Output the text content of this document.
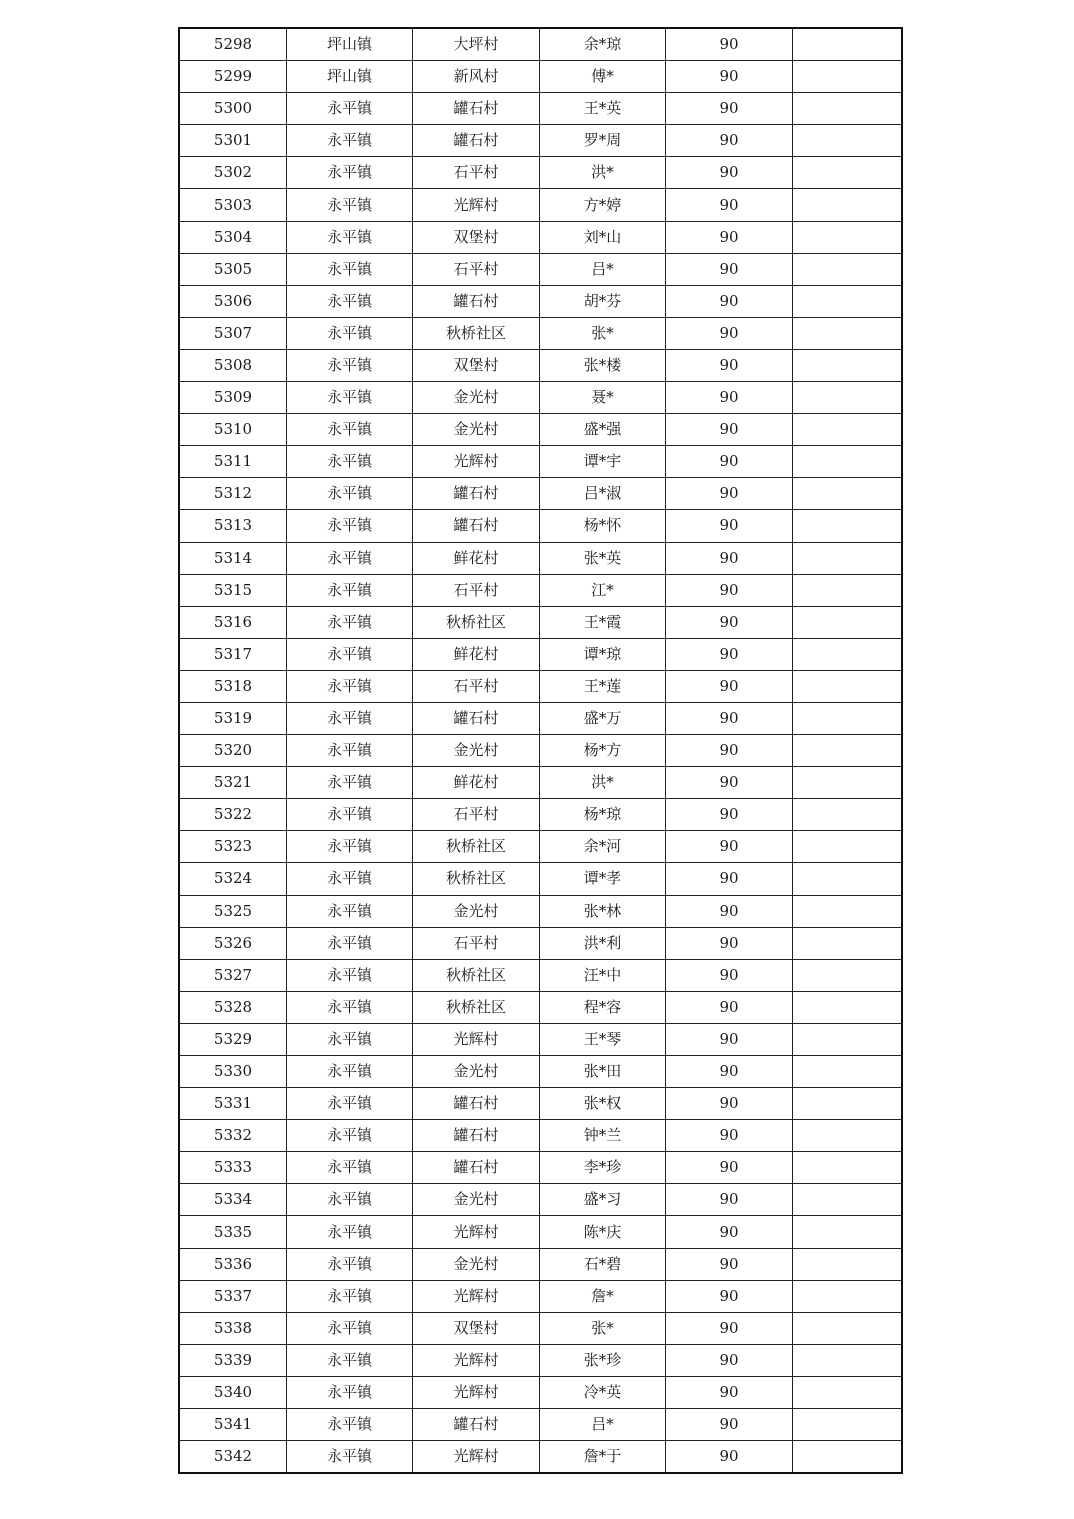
5298	坪山镇	大坪村	余*琼	90	
5299	坪山镇	新风村	傅*	90	
5300	永平镇	罐石村	王*英	90	
5301	永平镇	罐石村	罗*周	90	
5302	永平镇	石平村	洪*	90	
5303	永平镇	光辉村	方*婷	90	
5304	永平镇	双堡村	刘*山	90	
5305	永平镇	石平村	吕*	90	
5306	永平镇	罐石村	胡*芬	90	
5307	永平镇	秋桥社区	张*	90	
5308	永平镇	双堡村	张*楼	90	
5309	永平镇	金光村	聂*	90	
5310	永平镇	金光村	盛*强	90	
5311	永平镇	光辉村	谭*宇	90	
5312	永平镇	罐石村	吕*淑	90	
5313	永平镇	罐石村	杨*怀	90	
5314	永平镇	鲜花村	张*英	90	
5315	永平镇	石平村	江*	90	
5316	永平镇	秋桥社区	王*霞	90	
5317	永平镇	鲜花村	谭*琼	90	
5318	永平镇	石平村	王*莲	90	
5319	永平镇	罐石村	盛*万	90	
5320	永平镇	金光村	杨*方	90	
5321	永平镇	鲜花村	洪*	90	
5322	永平镇	石平村	杨*琼	90	
5323	永平镇	秋桥社区	余*河	90	
5324	永平镇	秋桥社区	谭*孝	90	
5325	永平镇	金光村	张*林	90	
5326	永平镇	石平村	洪*利	90	
5327	永平镇	秋桥社区	汪*中	90	
5328	永平镇	秋桥社区	程*容	90	
5329	永平镇	光辉村	王*琴	90	
5330	永平镇	金光村	张*田	90	
5331	永平镇	罐石村	张*权	90	
5332	永平镇	罐石村	钟*兰	90	
5333	永平镇	罐石村	李*珍	90	
5334	永平镇	金光村	盛*习	90	
5335	永平镇	光辉村	陈*庆	90	
5336	永平镇	金光村	石*碧	90	
5337	永平镇	光辉村	詹*	90	
5338	永平镇	双堡村	张*	90	
5339	永平镇	光辉村	张*珍	90	
5340	永平镇	光辉村	冷*英	90	
5341	永平镇	罐石村	吕*	90	
5342	永平镇	光辉村	詹*于	90	
